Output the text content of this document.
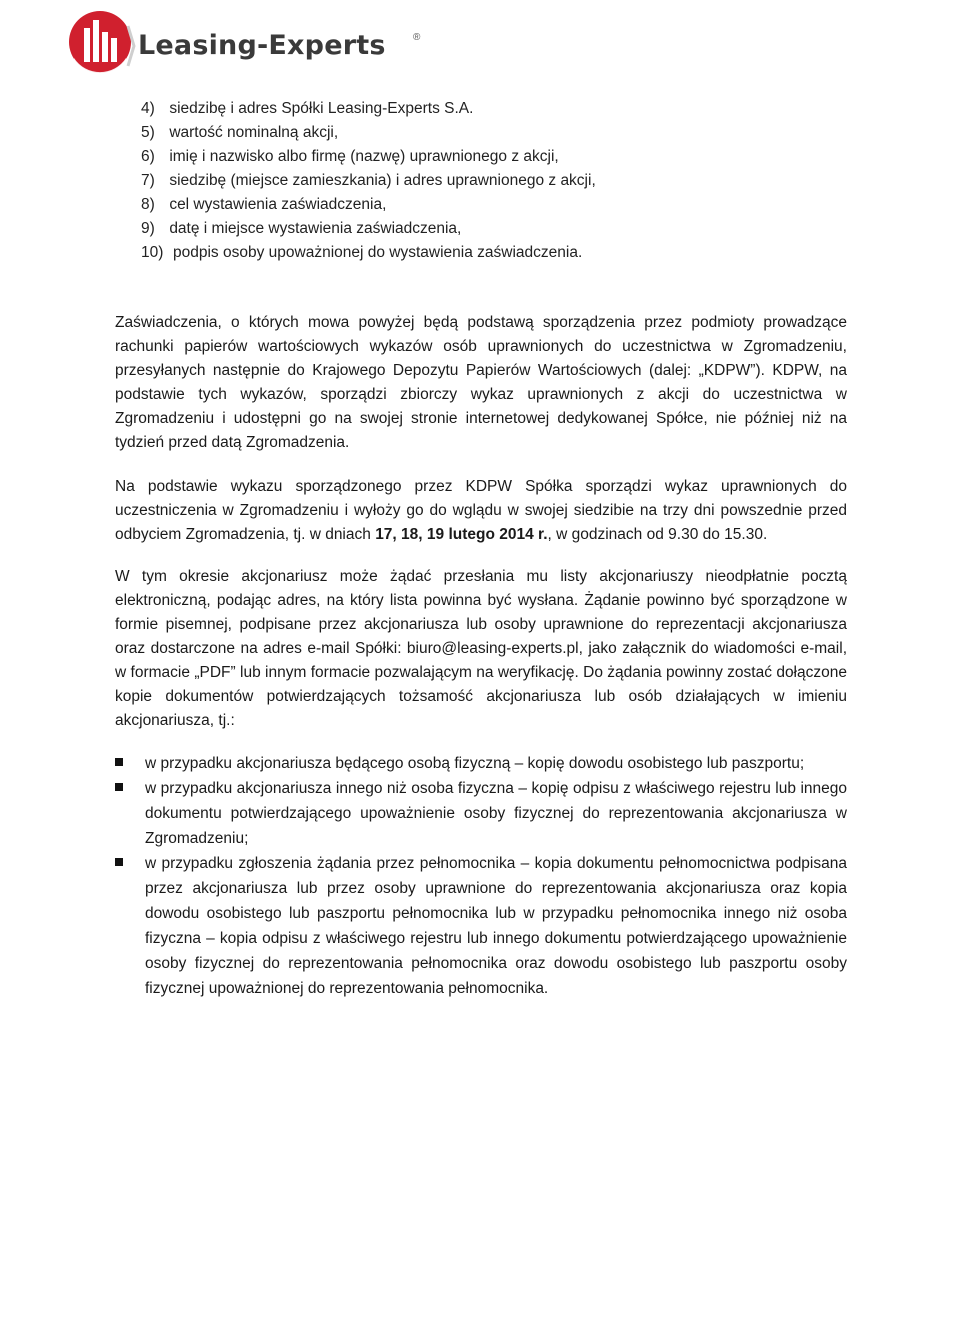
Leasing-Experts	®
4) siedzibę i adres Spółki Leasing-Experts S.A.
5) wartość nominalną akcji,
6) imię i nazwisko albo firmę (nazwę) uprawnionego z akcji,
7) siedzibę (miejsce zamieszkania) i adres uprawnionego z akcji,
8) cel wystawienia zaświadczenia,
9) datę i miejsce wystawienia zaświadczenia,
10) podpis osoby upoważnionej do wystawienia zaświadczenia.

Zaświadczenia, o których mowa powyżej będą podstawą sporządzenia przez podmioty prowadzące rachunki papierów wartościowych wykazów osób uprawnionych do uczestnictwa w Zgromadzeniu, przesyłanych następnie do Krajowego Depozytu Papierów Wartościowych (dalej: „KDPW”). KDPW, na podstawie tych wykazów, sporządzi zbiorczy wykaz uprawnionych z akcji do uczestnictwa w Zgromadzeniu i udostępni go na swojej stronie internetowej dedykowanej Spółce, nie później niż na tydzień przed datą Zgromadzenia.

Na podstawie wykazu sporządzonego przez KDPW Spółka sporządzi wykaz uprawnionych do uczestniczenia w Zgromadzeniu i wyłoży go do wglądu w swojej siedzibie na trzy dni powszednie przed odbyciem Zgromadzenia, tj. w dniach 17, 18, 19 lutego 2014 r., w godzinach od 9.30 do 15.30.

W tym okresie akcjonariusz może żądać przesłania mu listy akcjonariuszy nieodpłatnie pocztą elektroniczną, podając adres, na który lista powinna być wysłana. Żądanie powinno być sporządzone w formie pisemnej, podpisane przez akcjonariusza lub osoby uprawnione do reprezentacji akcjonariusza oraz dostarczone na adres e-mail Spółki: biuro@leasing-experts.pl, jako załącznik do wiadomości e-mail, w formacie „PDF” lub innym formacie pozwalającym na weryfikację. Do żądania powinny zostać dołączone kopie dokumentów potwierdzających tożsamość akcjonariusza lub osób działających w imieniu akcjonariusza, tj.:

w przypadku akcjonariusza będącego osobą fizyczną – kopię dowodu osobistego lub paszportu;
w przypadku akcjonariusza innego niż osoba fizyczna – kopię odpisu z właściwego rejestru lub innego dokumentu potwierdzającego upoważnienie osoby fizycznej do reprezentowania akcjonariusza w Zgromadzeniu;
w przypadku zgłoszenia żądania przez pełnomocnika – kopia dokumentu pełnomocnictwa podpisana przez akcjonariusza lub przez osoby uprawnione do reprezentowania akcjonariusza oraz kopia dowodu osobistego lub paszportu pełnomocnika lub w przypadku pełnomocnika innego niż osoba fizyczna – kopia odpisu z właściwego rejestru lub innego dokumentu potwierdzającego upoważnienie osoby fizycznej do reprezentowania pełnomocnika oraz dowodu osobistego lub paszportu osoby fizycznej upoważnionej do reprezentowania pełnomocnika.
